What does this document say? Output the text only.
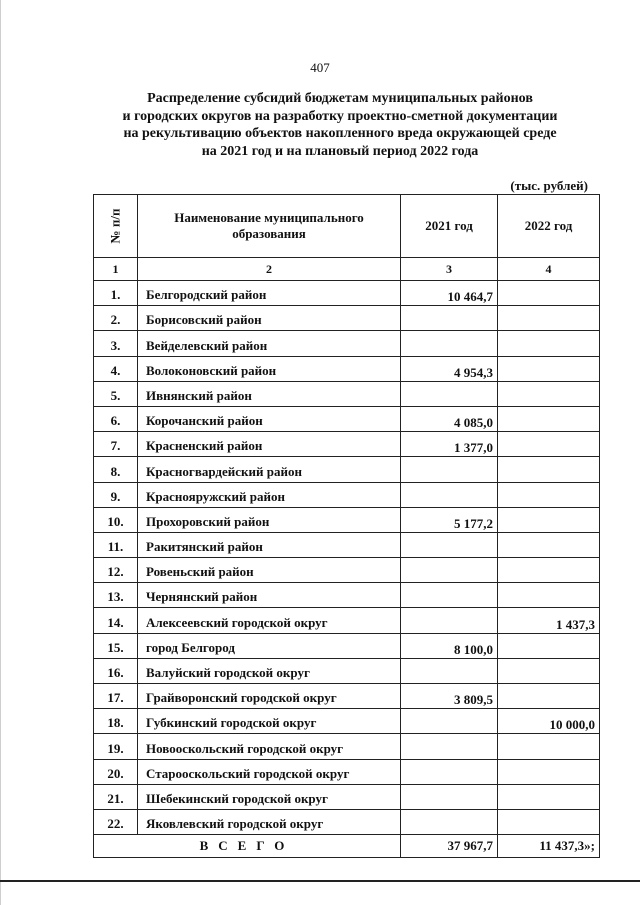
407
Распределение субсидий бюджетам муниципальных районов
и городских округов на разработку проектно-сметной документации
на рекультивацию объектов накопленного вреда окружающей среде
на 2021 год и на плановый период 2022 года
(тыс. рублей)
№ п/п	Наименование муниципального образования	2021 год	2022 год
1	2	3	4
1.	Белгородский район	10 464,7	
2.	Борисовский район		
3.	Вейделевский район		
4.	Волоконовский район	4 954,3	
5.	Ивнянский район		
6.	Корочанский район	4 085,0	
7.	Красненский район	1 377,0	
8.	Красногвардейский район		
9.	Краснояружский район		
10.	Прохоровский район	5 177,2	
11.	Ракитянский район		
12.	Ровеньский район		
13.	Чернянский район		
14.	Алексеевский городской округ		1 437,3
15.	город Белгород	8 100,0	
16.	Валуйский городской округ		
17.	Грайворонский городской округ	3 809,5	
18.	Губкинский городской округ		10 000,0
19.	Новооскольский городской округ		
20.	Старооскольский городской округ		
21.	Шебекинский городской округ		
22.	Яковлевский городской округ		
ВСЕГО		37 967,7	11 437,3»;
